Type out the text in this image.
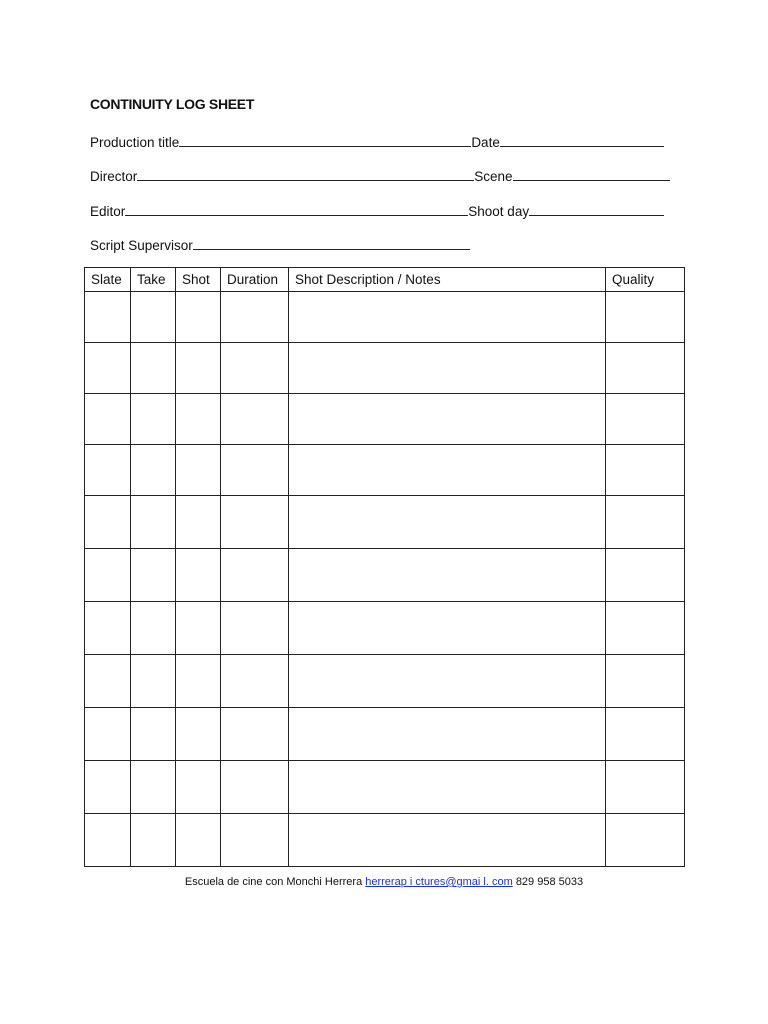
CONTINUITY LOG SHEET
Production title	Date
Director	Scene
Editor	Shoot day
Script Supervisor
Slate	Take	Shot	Duration	Shot Description / Notes	Quality

Escuela de cine con Monchi Herrera herrerap i ctures@gmai l. com 829 958 5033
